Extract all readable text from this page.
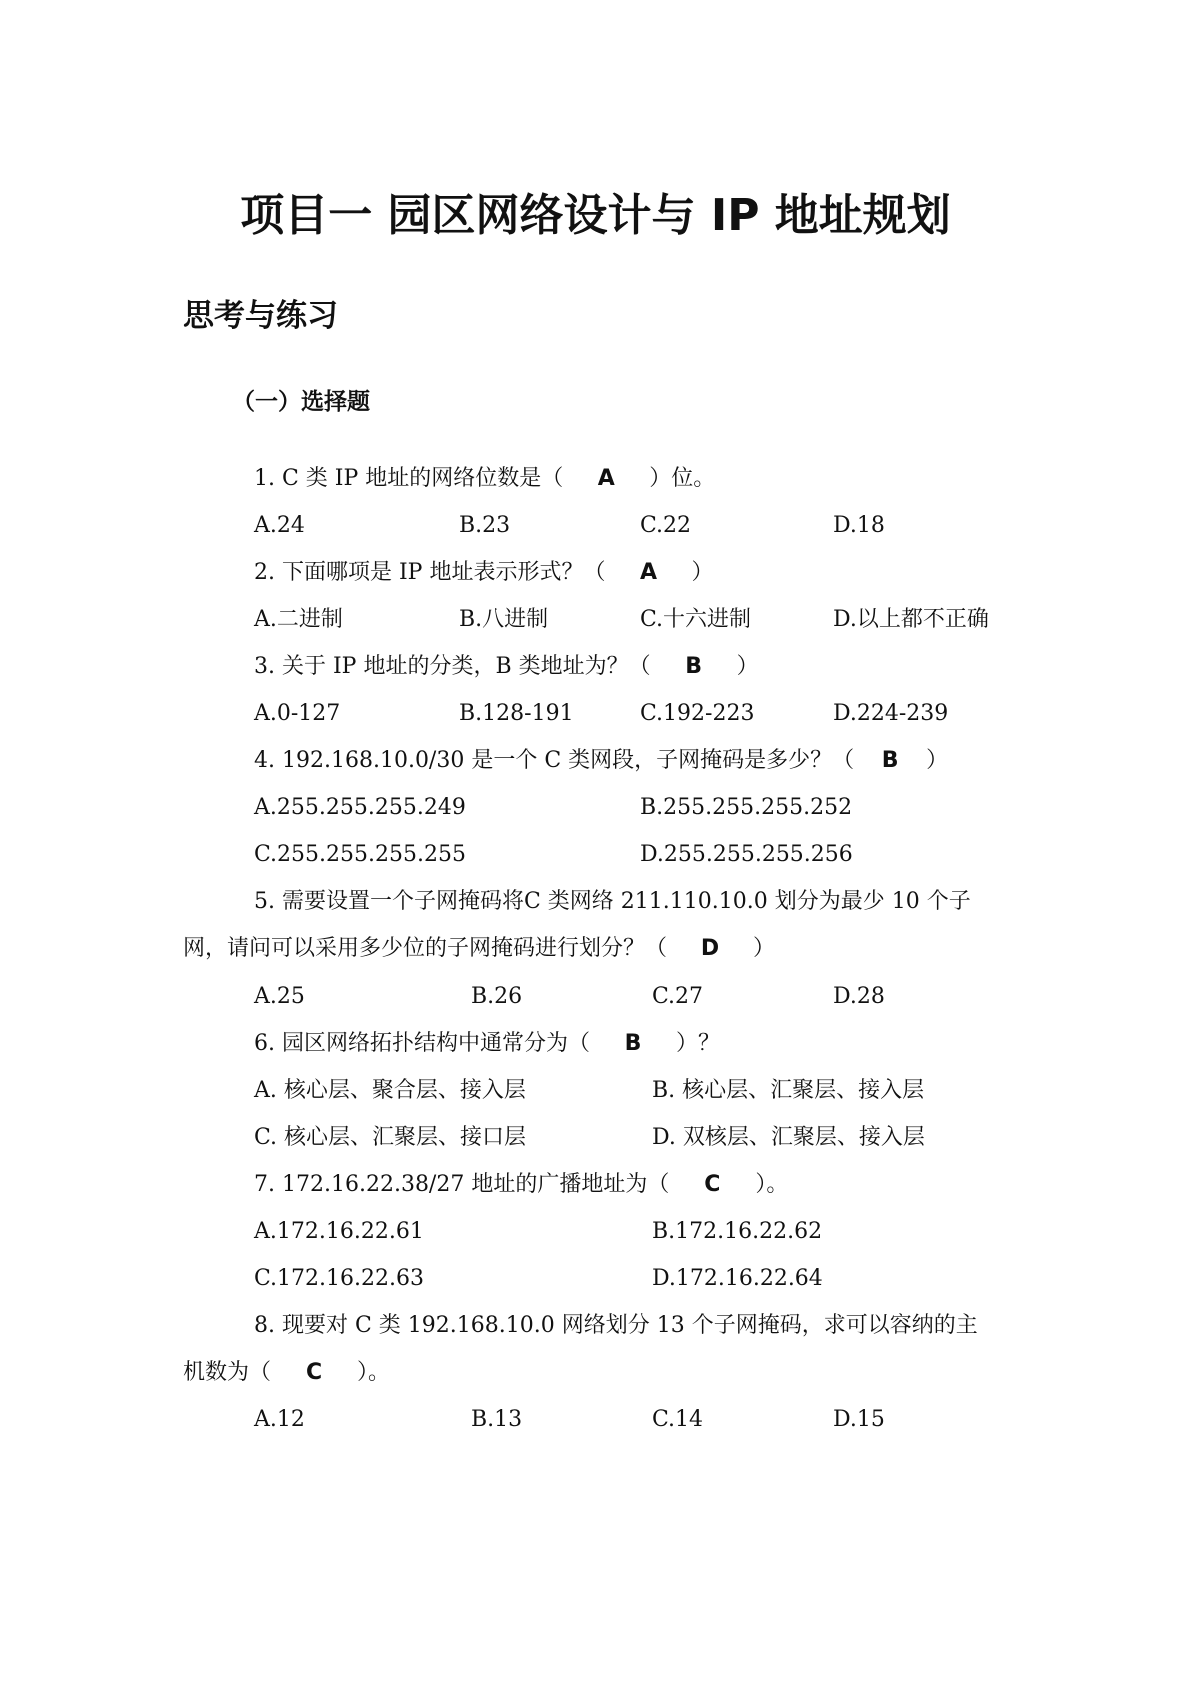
项目一 园区网络设计与 IP 地址规划
思考与练习
（一）选择题
1. C 类 IP 地址的网络位数是（ A ）位。
A.24	B.23	C.22	D.18
2. 下面哪项是 IP 地址表示形式？（ A ）
A.二进制	B.八进制	C.十六进制	D.以上都不正确
3. 关于 IP 地址的分类，B 类地址为？（ B ）
A.0-127	B.128-191	C.192-223	D.224-239
4. 192.168.10.0/30 是一个 C 类网段，子网掩码是多少？（ B ）
A.255.255.255.249	B.255.255.255.252
C.255.255.255.255	D.255.255.255.256
5. 需要设置一个子网掩码将C 类网络 211.110.10.0 划分为最少 10 个子
网，请问可以采用多少位的子网掩码进行划分？（ D ）
A.25	B.26	C.27	D.28
6. 园区网络拓扑结构中通常分为（ B ）？
A. 核心层、聚合层、接入层	B. 核心层、汇聚层、接入层
C. 核心层、汇聚层、接口层	D. 双核层、汇聚层、接入层
7. 172.16.22.38/27 地址的广播地址为（ C ）。
A.172.16.22.61	B.172.16.22.62
C.172.16.22.63	D.172.16.22.64
8. 现要对 C 类 192.168.10.0 网络划分 13 个子网掩码，求可以容纳的主
机数为（ C ）。
A.12	B.13	C.14	D.15
